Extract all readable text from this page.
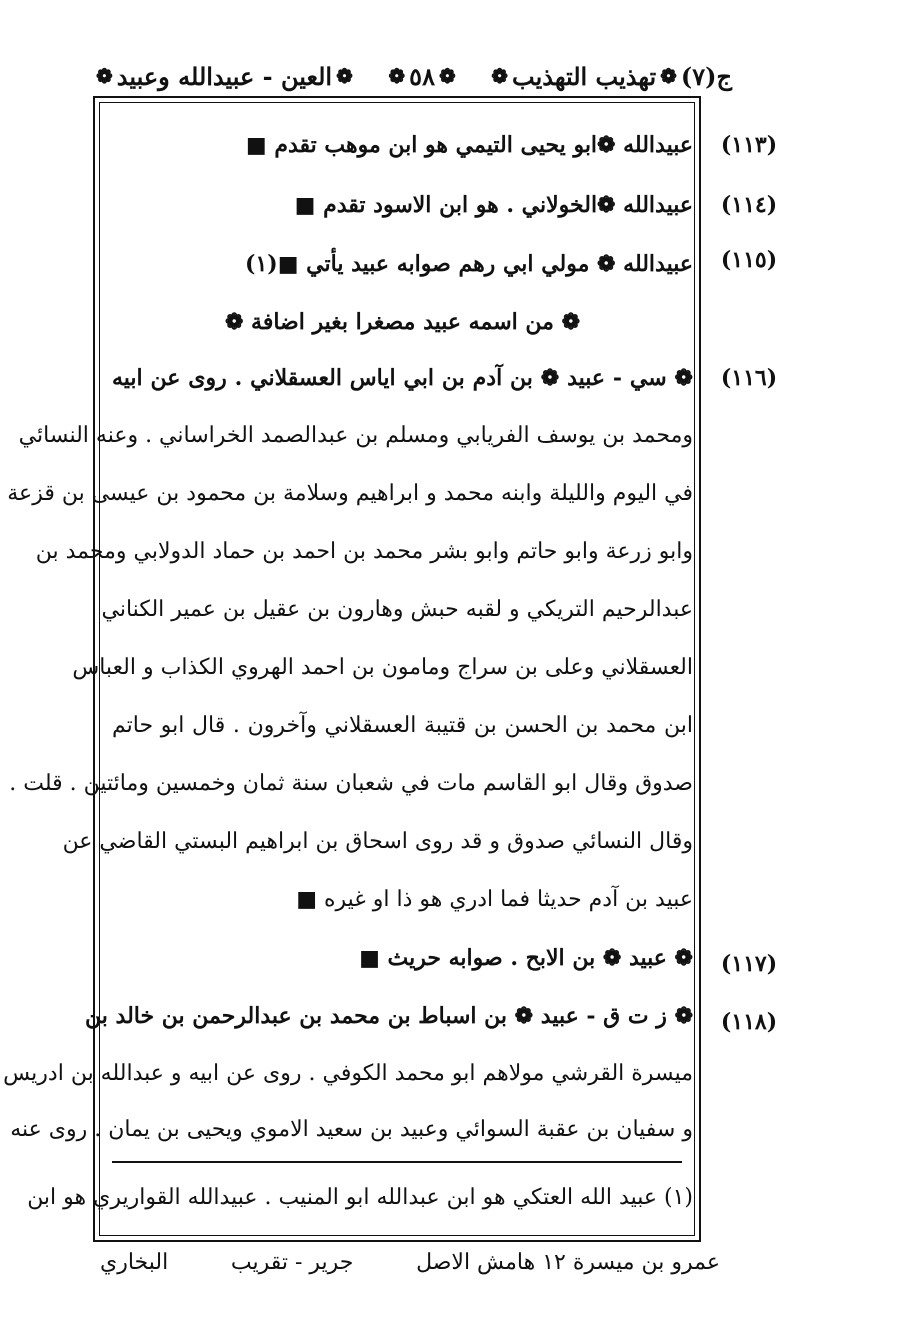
ج(٧)
❁
تهذيب التهذيب
❁
❁
٥٨
❁
❁
العين - عبيدالله وعبيد
❁
(١١٣)
عبيدالله ❁ابو يحيى التيمي هو ابن موهب تقدم ■
(١١٤)
عبيدالله ❁الخولاني . هو ابن الاسود تقدم ■
(١١٥)
عبيدالله ❁ مولي ابي رهم صوابه عبيد يأتي ■(١)
❁ من اسمه عبيد مصغرا بغير اضافة ❁
(١١٦)
❁ سي - عبيد ❁ بن آدم بن ابي اياس العسقلاني . روى عن ابيه
ومحمد بن يوسف الفريابي ومسلم بن عبدالصمد الخراساني . وعنه النسائي
في اليوم والليلة وابنه محمد و ابراهيم وسلامة بن محمود بن عيسى بن قزعة
وابو زرعة وابو حاتم وابو بشر محمد بن احمد بن حماد الدولابي ومحمد بن
عبدالرحيم التريكي و لقبه حبش وهارون بن عقيل بن عمير الكناني
العسقلاني وعلى بن سراج ومامون بن احمد الهروي الكذاب و العباس
ابن محمد بن الحسن بن قتيبة العسقلاني وآخرون . قال ابو حاتم
صدوق وقال ابو القاسم مات في شعبان سنة ثمان وخمسين ومائتين . قلت .
وقال النسائي صدوق و قد روى اسحاق بن ابراهيم البستي القاضي عن
عبيد بن آدم حديثا فما ادري هو ذا او غيره ■
(١١٧)
❁ عبيد ❁ بن الابح . صوابه حريث ■
(١١٨)
❁ ز ت ق - عبيد ❁ بن اسباط بن محمد بن عبدالرحمن بن خالد بن
ميسرة القرشي مولاهم ابو محمد الكوفي . روى عن ابيه و عبدالله بن ادريس
و سفيان بن عقبة السوائي وعبيد بن سعيد الاموي ويحيى بن يمان . روى عنه
(١) عبيد الله العتكي هو ابن عبدالله ابو المنيب . عبيدالله القواريري هو ابن
عمرو بن ميسرة ١٢ هامش الاصل
جرير - تقريب
البخاري
